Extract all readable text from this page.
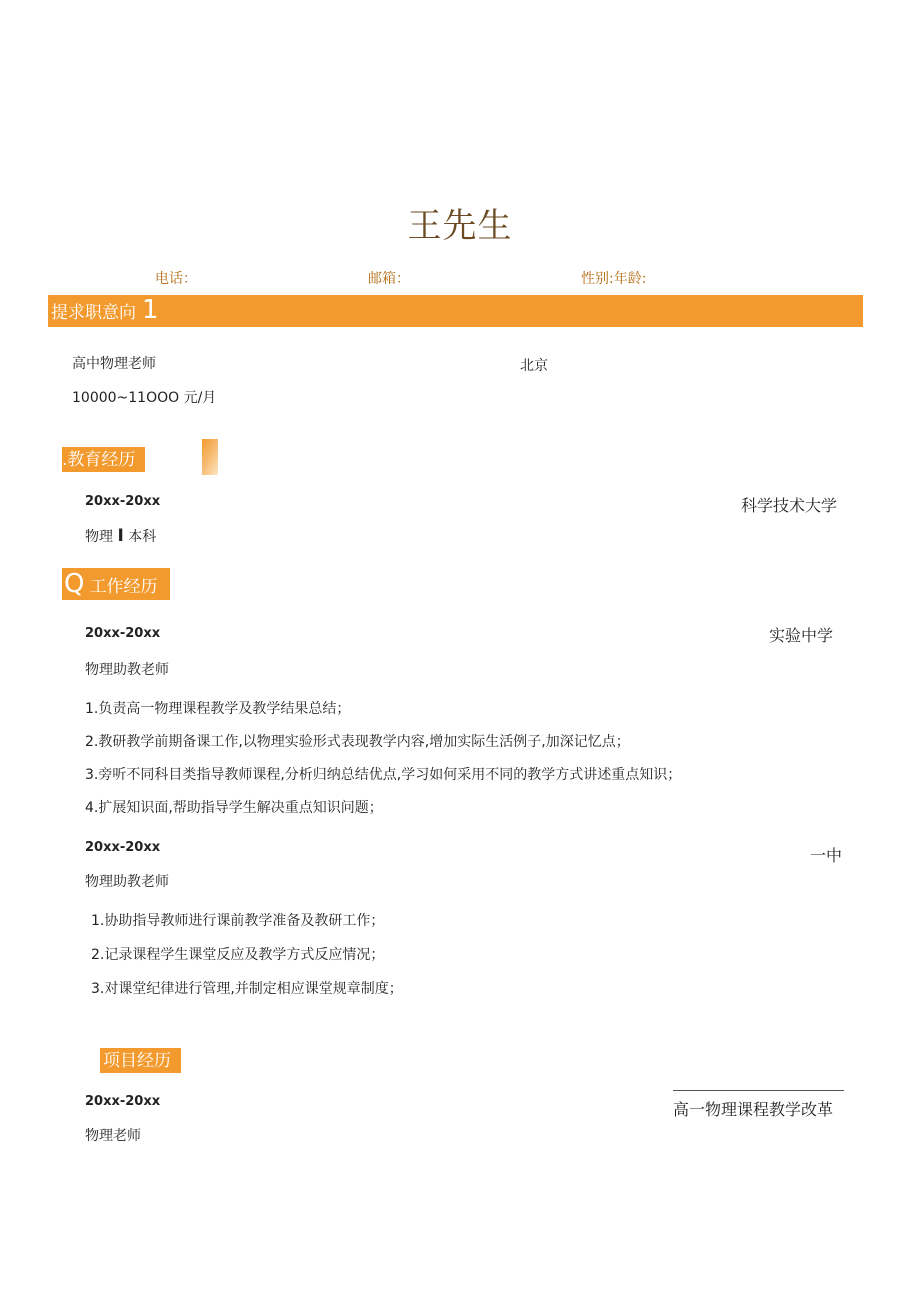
王先生
电话：	邮箱：	性别:年龄:
提求职意向 1
高中物理老师	北京
10000~11OOO 元/月
.教育经历
20xx-20xx	科学技术大学
物理 I 本科
Q 工作经历
20xx-20xx	实验中学
物理助教老师
1.负责高一物理课程教学及教学结果总结；
2.教研教学前期备课工作,以物理实验形式表现教学内容,增加实际生活例子,加深记忆点；
3.旁听不同科目类指导教师课程,分析归纳总结优点,学习如何采用不同的教学方式讲述重点知识；
4.扩展知识面,帮助指导学生解决重点知识问题；
20xx-20xx	一中
物理助教老师
1.协助指导教师进行课前教学准备及教研工作；
2.记录课程学生课堂反应及教学方式反应情况；
3.对课堂纪律进行管理,并制定相应课堂规章制度；
项目经历
20xx-20xx	高一物理课程教学改革
物理老师
